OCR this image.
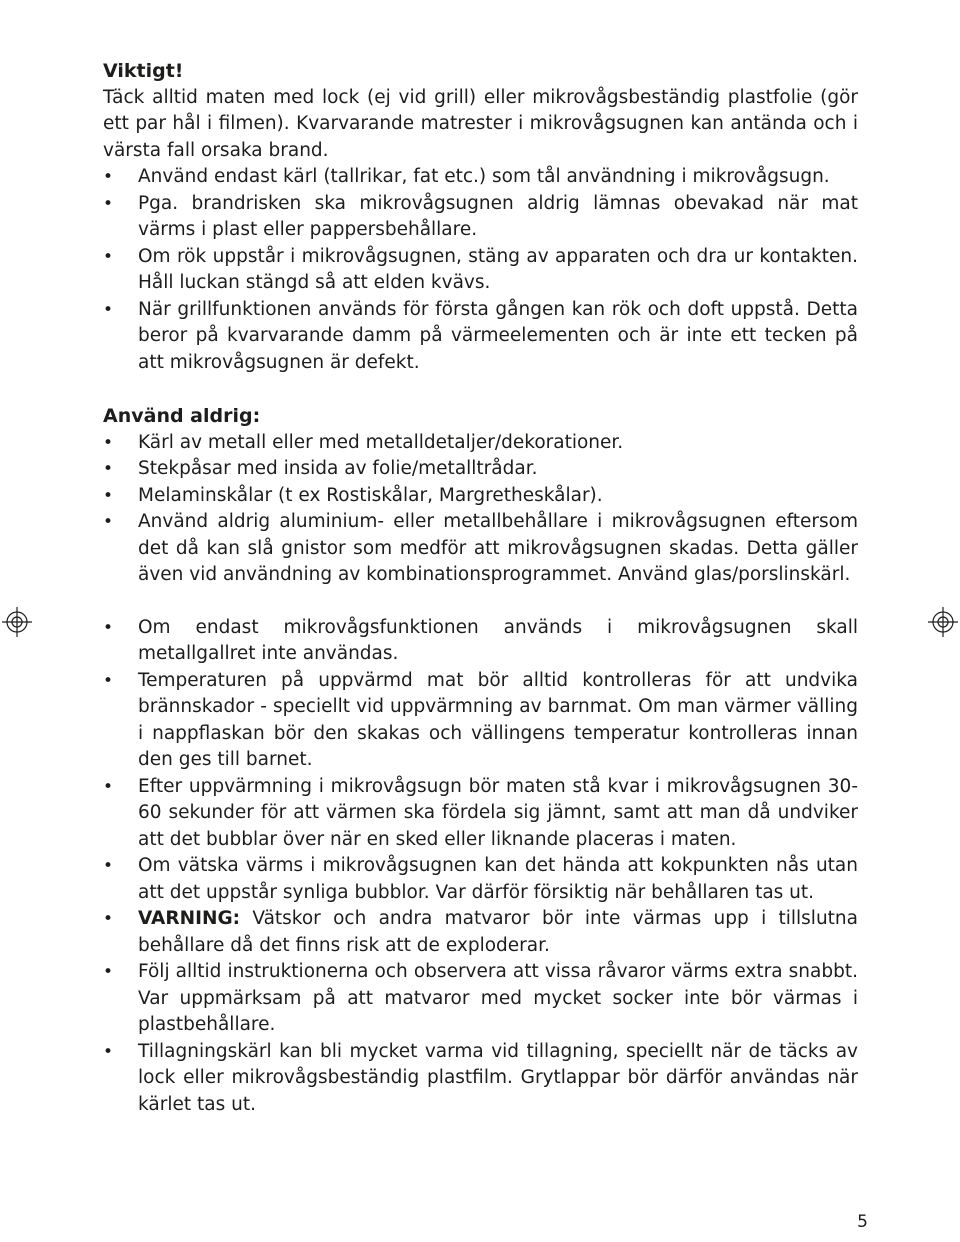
Viktigt!

Täck alltid maten med lock (ej vid grill) eller mikrovågsbeständig plastfolie (gör ett par hål i filmen). Kvarvarande matrester i mikrovågsugnen kan antända och i värsta fall orsaka brand.

• Använd endast kärl (tallrikar, fat etc.) som tål användning i mikrovågsugn.
• Pga. brandrisken ska mikrovågsugnen aldrig lämnas obevakad när mat värms i plast eller pappersbehållare.
• Om rök uppstår i mikrovågsugnen, stäng av apparaten och dra ur kontakten. Håll luckan stängd så att elden kvävs.
• När grillfunktionen används för första gången kan rök och doft uppstå. Detta beror på kvarvarande damm på värmeelementen och är inte ett tecken på att mikrovågsugnen är defekt.
Använd aldrig:
• Kärl av metall eller med metalldetaljer/dekorationer.
• Stekpåsar med insida av folie/metalltrådar.
• Melaminskålar (t ex Rostiskålar, Margretheskålar).
• Använd aldrig aluminium- eller metallbehållare i mikrovågsugnen eftersom det då kan slå gnistor som medför att mikrovågsugnen skadas. Detta gäller även vid användning av kombinationsprogrammet. Använd glas/porslinskärl.
• Om endast mikrovågsfunktionen används i mikrovågsugnen skall metallgallret inte användas.
• Temperaturen på uppvärmd mat bör alltid kontrolleras för att undvika brännskador - speciellt vid uppvärmning av barnmat. Om man värmer välling i nappflaskan bör den skakas och vällingens temperatur kontrolleras innan den ges till barnet.
• Efter uppvärmning i mikrovågsugn bör maten stå kvar i mikrovågsugnen 30-60 sekunder för att värmen ska fördela sig jämnt, samt att man då undviker att det bubblar över när en sked eller liknande placeras i maten.
• Om vätska värms i mikrovågsugnen kan det hända att kokpunkten nås utan att det uppstår synliga bubblor. Var därför försiktig när behållaren tas ut.
• VARNING: Vätskor och andra matvaror bör inte värmas upp i tillslutna behållare då det finns risk att de exploderar.
• Följ alltid instruktionerna och observera att vissa råvaror värms extra snabbt. Var uppmärksam på att matvaror med mycket socker inte bör värmas i plastbehållare.
• Tillagningskärl kan bli mycket varma vid tillagning, speciellt när de täcks av lock eller mikrovågsbeständig plastfilm. Grytlappar bör därför användas när kärlet tas ut.
5
